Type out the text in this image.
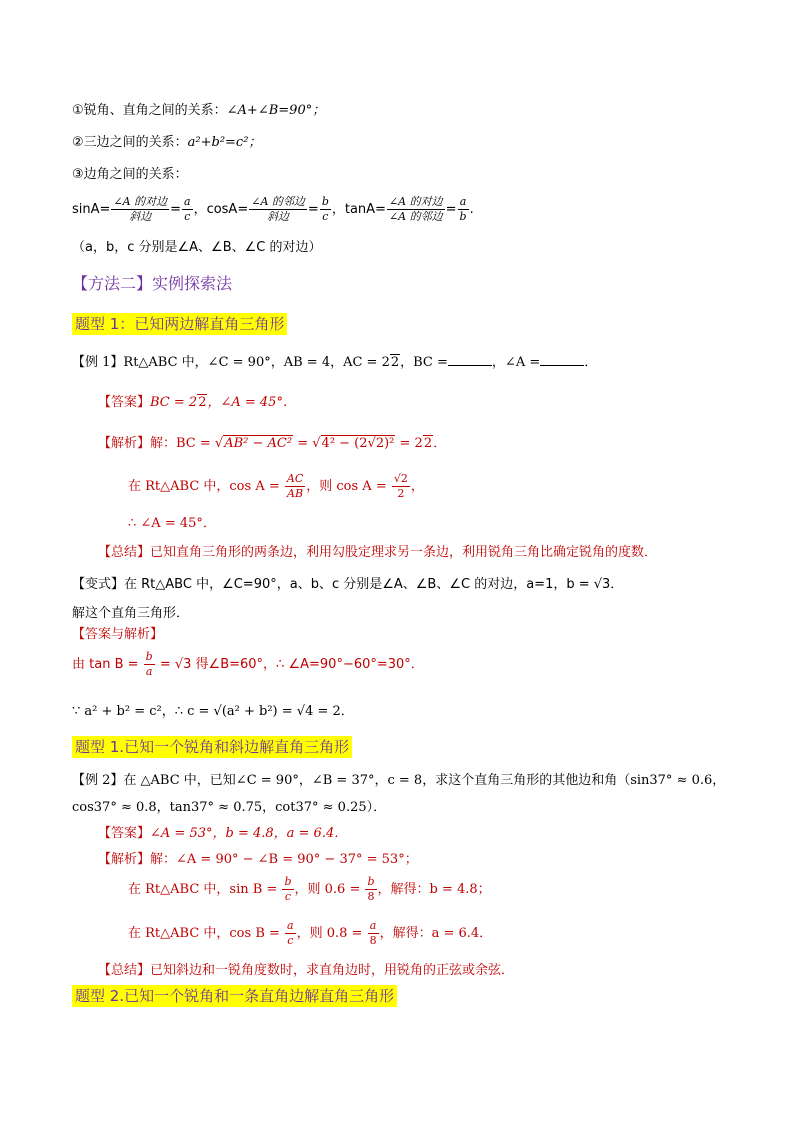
①锐角、直角之间的关系：∠A+∠B=90°；
②三边之间的关系：a²+b²=c²；
③边角之间的关系：
$\sin A= \frac{\text{∠A 的对边}}{\text{斜边}} = \frac{a}{c}$ ，$\cos A= \frac{\text{∠A 的邻边}}{\text{斜边}} = \frac{b}{c}$ ，$\tan A= \frac{\text{∠A 的对边}}{\text{∠A 的邻边}} = \frac{a}{b}$ .
（a，b，c 分别是∠A、∠B、∠C 的对边）
【方法二】实例探索法
题型 1：已知两边解直角三角形
【例 1】Rt△ABC 中，∠C = 90°，AB = 4，AC = 22，BC =	，∠A =	．
【答案】BC = 22，∠A = 45°．
【解析】解：BC = √AB² − AC² = √4² − (2√2)² = 22．
在 Rt△ABC 中，$\cos A = \frac{AC}{AB}$ ，则 $\cos A = \frac{√2}{2}$ ，
∴ ∠A = 45°．
【总结】已知直角三角形的两条边，利用勾股定理求另一条边，利用锐角三角比确定锐角的度数．
【变式】在 Rt△ABC 中，∠C=90°，a、b、c 分别是∠A、∠B、∠C 的对边，a=1，b = √3．
解这个直角三角形．
【答案与解析】
由 $\tan B = \frac{b}{a} = √3$ 得∠B=60°，∴ ∠A=90°−60°=30°．
∵ a² + b² = c²，∴ c = √(a² + b²) = √4 = 2．
题型 1.已知一个锐角和斜边解直角三角形
【例 2】在 △ABC 中，已知∠C = 90°，∠B = 37°，c = 8，求这个直角三角形的其他边和角（sin37° ≈ 0.6，
cos37° ≈ 0.8，tan37° ≈ 0.75，cot37° ≈ 0.25）．
【答案】∠A = 53°，b = 4.8，a = 6.4．
【解析】解：∠A = 90° − ∠B = 90° − 37° = 53°；
在 Rt△ABC 中，$\sin B = \frac{b}{c}$ ，则 $0.6 = \frac{b}{8}$ ，解得：b = 4.8；
在 Rt△ABC 中，$\cos B = \frac{a}{c}$ ，则 $0.8 = \frac{a}{8}$ ，解得：a = 6.4．
【总结】已知斜边和一锐角度数时，求直角边时，用锐角的正弦或余弦．
题型 2.已知一个锐角和一条直角边解直角三角形
